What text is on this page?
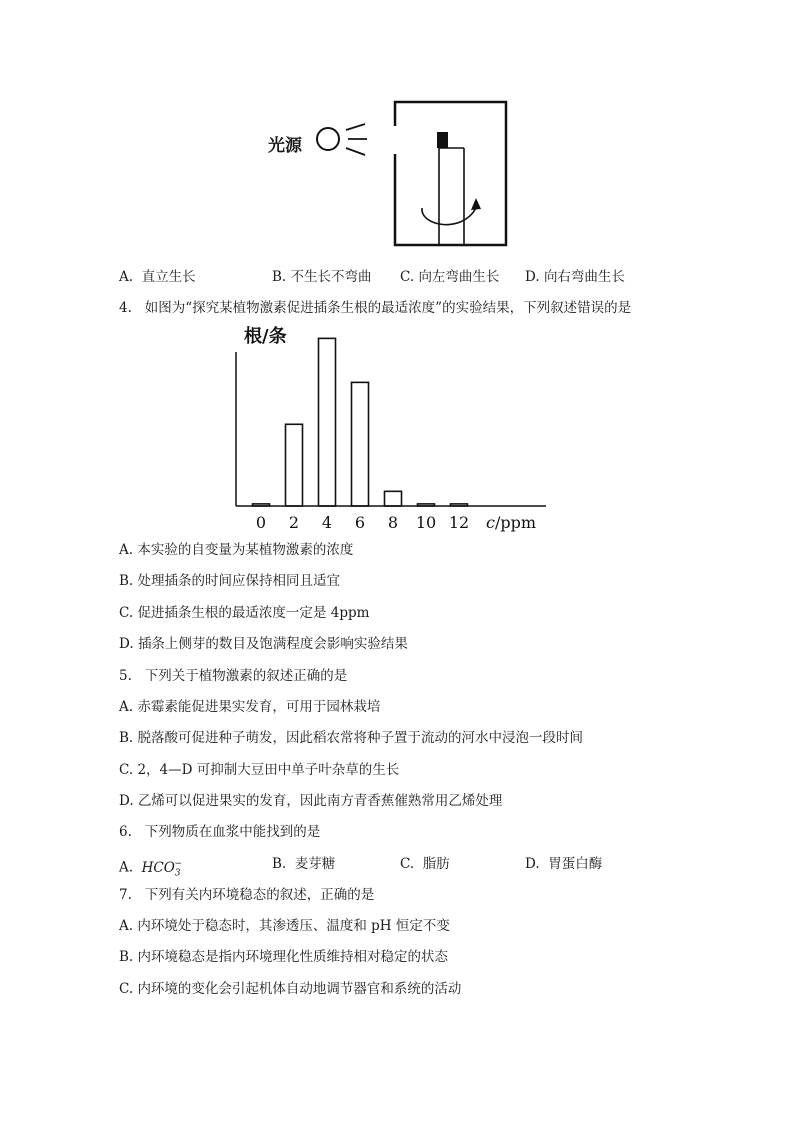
光源
A. 直立生长	B. 不生长不弯曲 C. 向左弯曲生长 D. 向右弯曲生长
4. 如图为“探究某植物激素促进插条生根的最适浓度”的实验结果，下列叙述错误的是
根/条
0 2 4 6 8 10 12 c/ppm
A. 本实验的自变量为某植物激素的浓度
B. 处理插条的时间应保持相同且适宜
C. 促进插条生根的最适浓度一定是 4ppm
D. 插条上侧芽的数目及饱满程度会影响实验结果
5. 下列关于植物激素的叙述正确的是
A. 赤霉素能促进果实发育，可用于园林栽培
B. 脱落酸可促进种子萌发，因此稻农常将种子置于流动的河水中浸泡一段时间
C. 2，4—D 可抑制大豆田中单子叶杂草的生长
D. 乙烯可以促进果实的发育，因此南方青香蕉催熟常用乙烯处理
6. 下列物质在血浆中能找到的是
A. $HCO_3^-$	B. 麦芽糖	C. 脂肪	D. 胃蛋白酶
7. 下列有关内环境稳态的叙述，正确的是
A. 内环境处于稳态时，其渗透压、温度和 pH 恒定不变
B. 内环境稳态是指内环境理化性质维持相对稳定的状态
C. 内环境的变化会引起机体自动地调节器官和系统的活动
